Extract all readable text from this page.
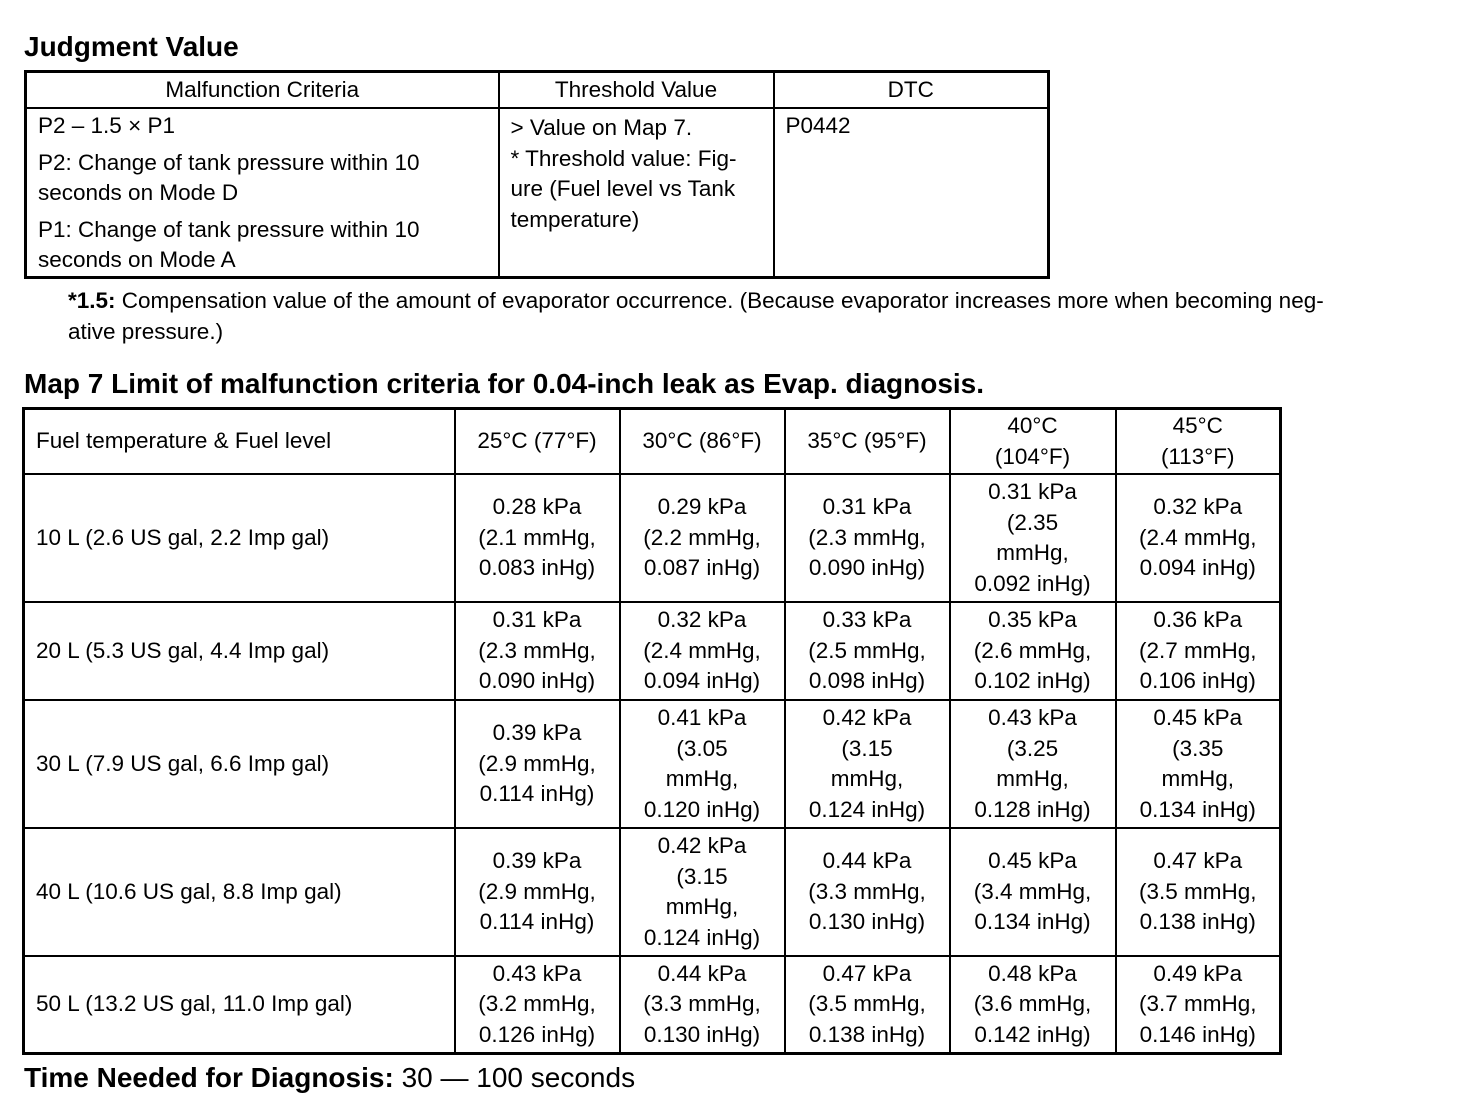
Judgment Value
Malfunction Criteria	Threshold Value	DTC

P2 – 1.5 × P1
P2: Change of tank pressure within 10
seconds on Mode D
P1: Change of tank pressure within 10
seconds on Mode A	> Value on Map 7.
* Threshold value: Fig-
ure (Fuel level vs Tank
temperature)	P0442

*1.5: Compensation value of the amount of evaporator occurrence. (Because evaporator increases more when becoming neg-
ative pressure.)

Map 7 Limit of malfunction criteria for 0.04-inch leak as Evap. diagnosis.
Fuel temperature & Fuel level	25°C (77°F)	30°C (86°F)	35°C (95°F)	40°C
(104°F)	45°C
(113°F)
10 L (2.6 US gal, 2.2 Imp gal)	0.28 kPa
(2.1 mmHg,
0.083 inHg)	0.29 kPa
(2.2 mmHg,
0.087 inHg)	0.31 kPa
(2.3 mmHg,
0.090 inHg)	0.31 kPa
(2.35
mmHg,
0.092 inHg)	0.32 kPa
(2.4 mmHg,
0.094 inHg)
20 L (5.3 US gal, 4.4 Imp gal)	0.31 kPa
(2.3 mmHg,
0.090 inHg)	0.32 kPa
(2.4 mmHg,
0.094 inHg)	0.33 kPa
(2.5 mmHg,
0.098 inHg)	0.35 kPa
(2.6 mmHg,
0.102 inHg)	0.36 kPa
(2.7 mmHg,
0.106 inHg)
30 L (7.9 US gal, 6.6 Imp gal)	0.39 kPa
(2.9 mmHg,
0.114 inHg)	0.41 kPa
(3.05
mmHg,
0.120 inHg)	0.42 kPa
(3.15
mmHg,
0.124 inHg)	0.43 kPa
(3.25
mmHg,
0.128 inHg)	0.45 kPa
(3.35
mmHg,
0.134 inHg)
40 L (10.6 US gal, 8.8 Imp gal)	0.39 kPa
(2.9 mmHg,
0.114 inHg)	0.42 kPa
(3.15
mmHg,
0.124 inHg)	0.44 kPa
(3.3 mmHg,
0.130 inHg)	0.45 kPa
(3.4 mmHg,
0.134 inHg)	0.47 kPa
(3.5 mmHg,
0.138 inHg)
50 L (13.2 US gal, 11.0 Imp gal)	0.43 kPa
(3.2 mmHg,
0.126 inHg)	0.44 kPa
(3.3 mmHg,
0.130 inHg)	0.47 kPa
(3.5 mmHg,
0.138 inHg)	0.48 kPa
(3.6 mmHg,
0.142 inHg)	0.49 kPa
(3.7 mmHg,
0.146 inHg)

Time Needed for Diagnosis: 30 — 100 seconds
